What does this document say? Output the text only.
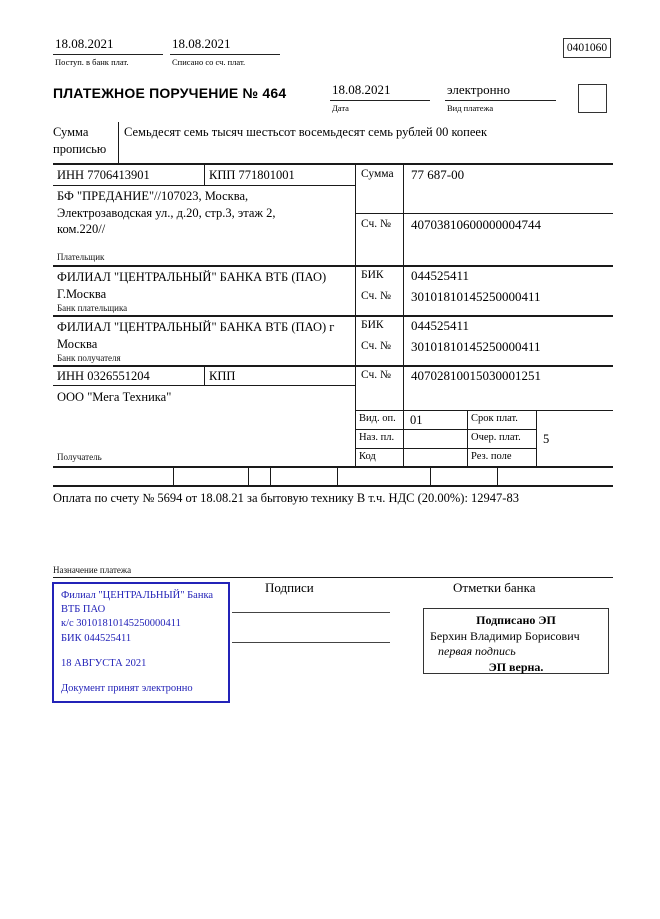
18.08.2021
Поступ. в банк плат.
18.08.2021
Списано со сч. плат.
0401060
ПЛАТЕЖНОЕ ПОРУЧЕНИЕ № 464	18.08.2021
Дата
электронно
Вид платежа
Сумма
прописью
Семьдесят семь тысяч шестьсот восемьдесят семь рублей 00 копеек
ИНН 7706413901	КПП 771801001	Сумма 77 687-00
БФ "ПРЕДАНИЕ"//107023, Москва, Электрозаводская ул., д.20, стр.3, этаж 2, ком.220//	Сч. № 40703810600000004744
Плательщик
ФИЛИАЛ "ЦЕНТРАЛЬНЫЙ" БАНКА ВТБ (ПАО) Г.Москва
БИК 044525411
Сч. № 30101810145250000411
Банк плательщика
ФИЛИАЛ "ЦЕНТРАЛЬНЫЙ" БАНКА ВТБ (ПАО) г Москва
БИК 044525411
Сч. № 30101810145250000411
Банк получателя
ИНН 0326551204	КПП	Сч. № 40702810015030001251
ООО "Мега Техника"
Получатель
Вид. оп. 01	Срок плат.
Наз. пл.	Очер. плат. 5
Код	Рез. поле
Оплата по счету № 5694 от 18.08.21 за бытовую технику В т.ч. НДС (20.00%): 12947-83
Назначение платежа
Филиал "ЦЕНТРАЛЬНЫЙ" Банка
ВТБ ПАО
к/с 30101810145250000411
БИК 044525411
18 АВГУСТА 2021
Документ принят электронно
Подписи	Отметки банка
Подписано ЭП
Берхин Владимир Борисович
первая подпись
ЭП верна.
